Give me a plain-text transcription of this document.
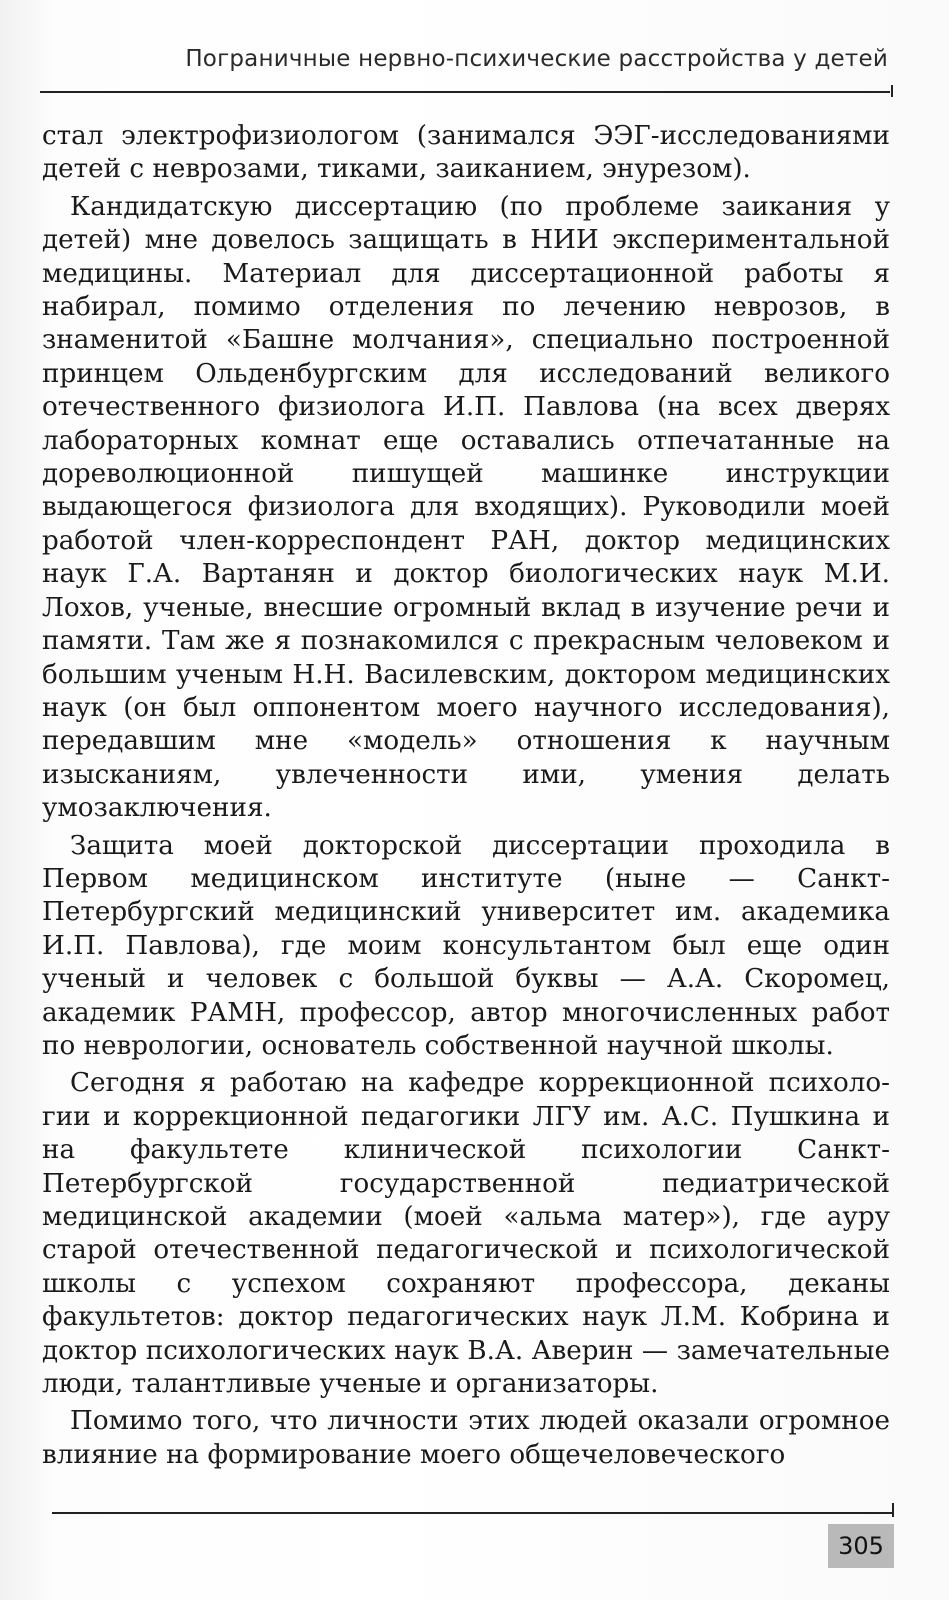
Пограничные нервно-психические расстройства у детей

стал электрофизиологом (занимался ЭЭГ-исследованиями детей с неврозами, тиками, заиканием, энурезом).

Кандидатскую диссертацию (по проблеме заикания у детей) мне довелось защищать в НИИ экспериментальной медицины. Материал для диссертационной работы я набирал, помимо отделения по лечению неврозов, в знаменитой «Башне молчания», специально построенной принцем Ольденбургским для исследований великого отечественного физиолога И.П. Павлова (на всех дверях лабораторных комнат еще оставались отпечатанные на дореволюционной пишущей машинке инструкции выдающегося физиолога для входящих). Руководили моей работой член-корреспондент РАН, доктор медицинских наук Г.А. Вартанян и доктор биологических наук М.И. Лохов, ученые, внесшие огромный вклад в изучение речи и памяти. Там же я познакомился с прекрасным человеком и большим ученым Н.Н. Василевским, доктором медицинских наук (он был оппонентом моего научного исследования), передавшим мне «модель» отношения к научным изысканиям, увлеченности ими, умения делать умозаключения.

Защита моей докторской диссертации проходила в Первом медицинском институте (ныне — Санкт-Петербургский медицинский университет им. академика И.П. Павлова), где моим консультантом был еще один ученый и человек с большой буквы — А.А. Скоромец, академик РАМН, профессор, автор многочисленных работ по неврологии, основатель собственной научной школы.

Сегодня я работаю на кафедре коррекционной психологии и коррекционной педагогики ЛГУ им. А.С. Пушкина и на факультете клинической психологии Санкт-Петербургской государственной педиатрической медицинской академии (моей «альма матер»), где ауру старой отечественной педагогической и психологической школы с успехом сохраняют профессора, деканы факультетов: доктор педагогических наук Л.М. Кобрина и доктор психологических наук В.А. Аверин — замечательные люди, талантливые ученые и организаторы.

Помимо того, что личности этих людей оказали огромное влияние на формирование моего общечеловеческого

305
